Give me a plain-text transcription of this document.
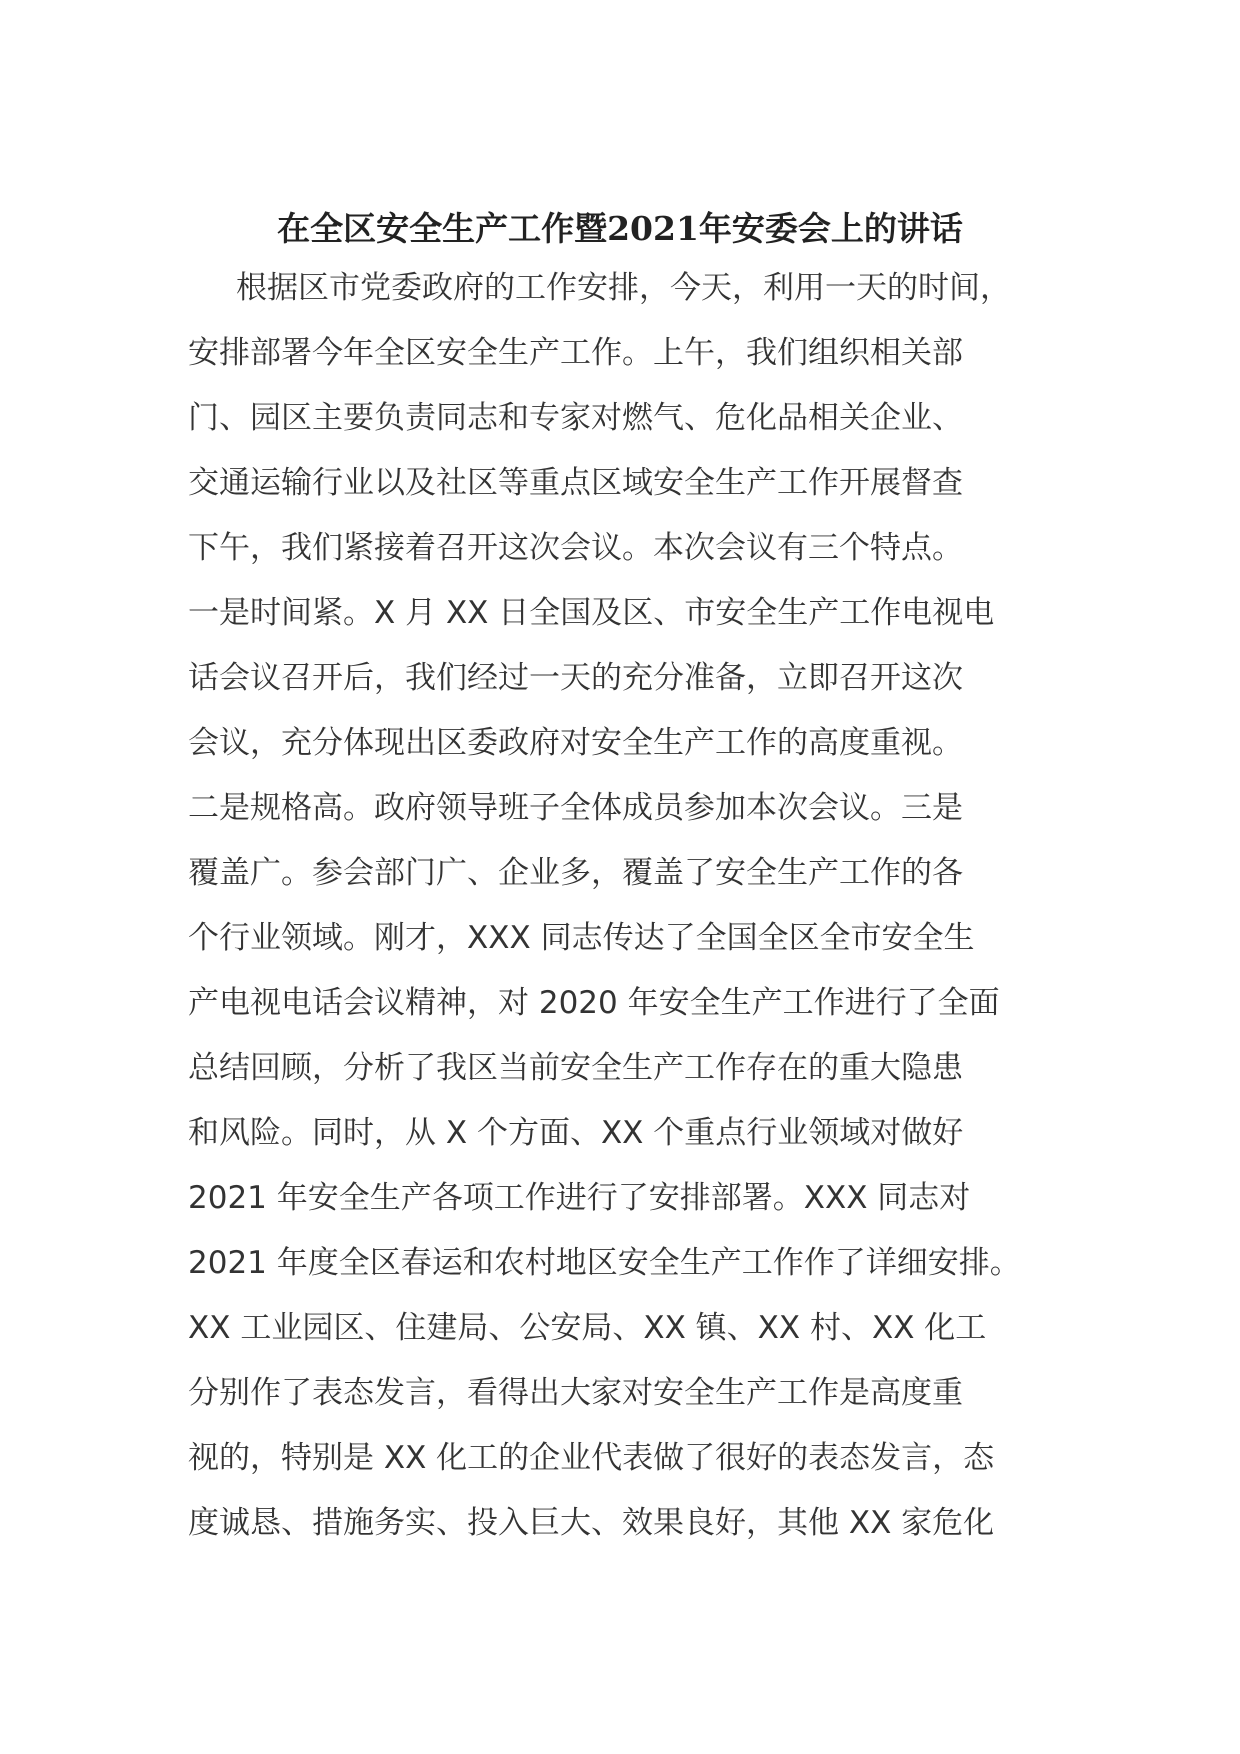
在全区安全生产工作暨2021年安委会上的讲话
根据区市党委政府的工作安排，今天，利用一天的时间，
安排部署今年全区安全生产工作。上午，我们组织相关部
门、园区主要负责同志和专家对燃气、危化品相关企业、
交通运输行业以及社区等重点区域安全生产工作开展督查
下午，我们紧接着召开这次会议。本次会议有三个特点。
一是时间紧。X 月 XX 日全国及区、市安全生产工作电视电
话会议召开后，我们经过一天的充分准备，立即召开这次
会议，充分体现出区委政府对安全生产工作的高度重视。
二是规格高。政府领导班子全体成员参加本次会议。三是
覆盖广。参会部门广、企业多，覆盖了安全生产工作的各
个行业领域。刚才，XXX 同志传达了全国全区全市安全生
产电视电话会议精神，对 2020 年安全生产工作进行了全面
总结回顾，分析了我区当前安全生产工作存在的重大隐患
和风险。同时，从 X 个方面、XX 个重点行业领域对做好
2021 年安全生产各项工作进行了安排部署。XXX 同志对
2021 年度全区春运和农村地区安全生产工作作了详细安排。
XX 工业园区、住建局、公安局、XX 镇、XX 村、XX 化工
分别作了表态发言，看得出大家对安全生产工作是高度重
视的，特别是 XX 化工的企业代表做了很好的表态发言，态
度诚恳、措施务实、投入巨大、效果良好，其他 XX 家危化
